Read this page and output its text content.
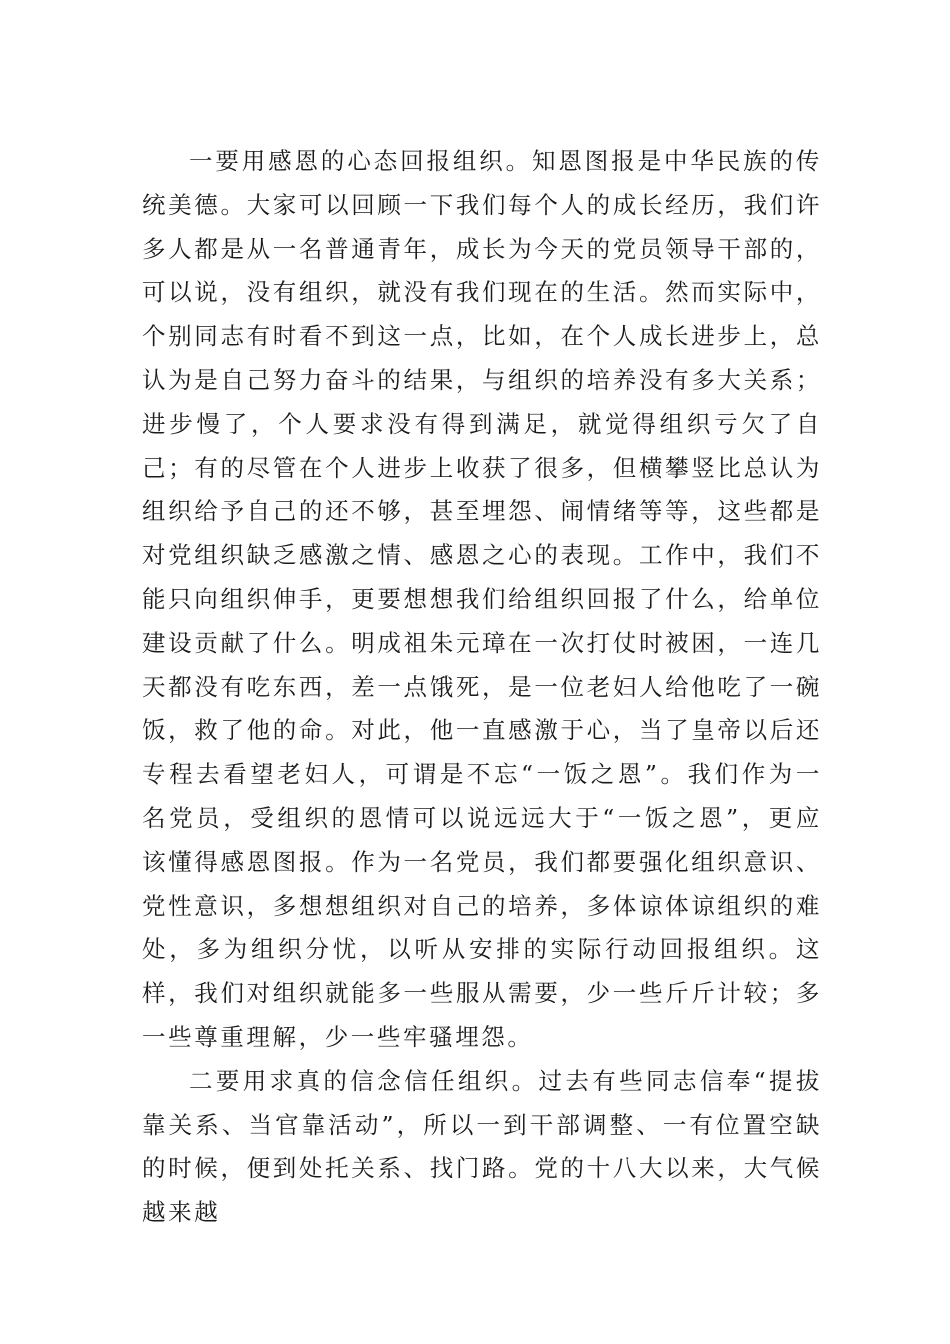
一要用感恩的心态回报组织。知恩图报是中华民族的传统美德。大家可以回顾一下我们每个人的成长经历，我们许多人都是从一名普通青年，成长为今天的党员领导干部的，可以说，没有组织，就没有我们现在的生活。然而实际中，个别同志有时看不到这一点，比如，在个人成长进步上，总认为是自己努力奋斗的结果，与组织的培养没有多大关系；进步慢了，个人要求没有得到满足，就觉得组织亏欠了自己；有的尽管在个人进步上收获了很多，但横攀竖比总认为组织给予自己的还不够，甚至埋怨、闹情绪等等，这些都是对党组织缺乏感激之情、感恩之心的表现。工作中，我们不能只向组织伸手，更要想想我们给组织回报了什么，给单位建设贡献了什么。明成祖朱元璋在一次打仗时被困，一连几天都没有吃东西，差一点饿死，是一位老妇人给他吃了一碗饭，救了他的命。对此，他一直感激于心，当了皇帝以后还专程去看望老妇人，可谓是不忘“一饭之恩”。我们作为一名党员，受组织的恩情可以说远远大于“一饭之恩”，更应该懂得感恩图报。作为一名党员，我们都要强化组织意识、党性意识，多想想组织对自己的培养，多体谅体谅组织的难处，多为组织分忧，以听从安排的实际行动回报组织。这样，我们对组织就能多一些服从需要，少一些斤斤计较；多一些尊重理解，少一些牢骚埋怨。

二要用求真的信念信任组织。过去有些同志信奉“提拔靠关系、当官靠活动”，所以一到干部调整、一有位置空缺的时候，便到处托关系、找门路。党的十八大以来，大气候越来越
